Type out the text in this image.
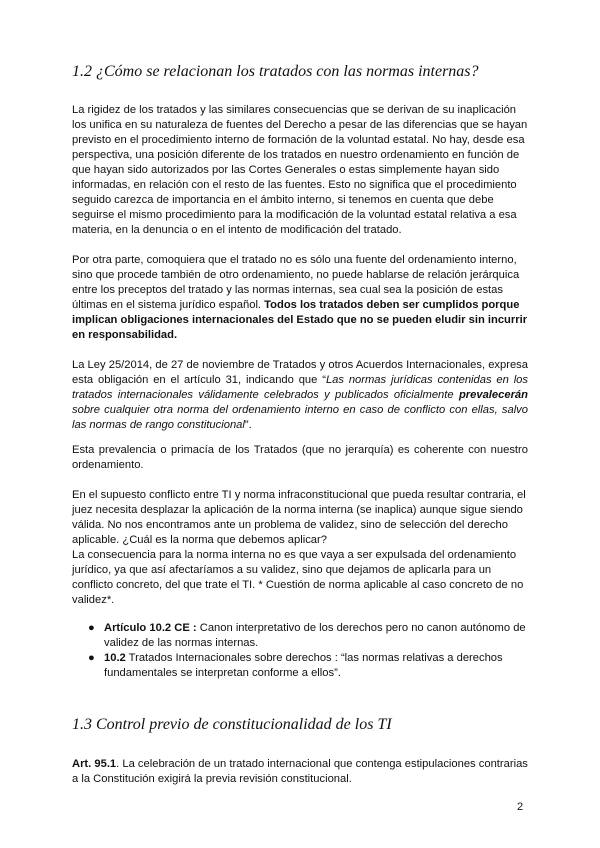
1.2 ¿Cómo se relacionan los tratados con las normas internas?

La rigidez de los tratados y las similares consecuencias que se derivan de su inaplicación los unifica en su naturaleza de fuentes del Derecho a pesar de las diferencias que se hayan previsto en el procedimiento interno de formación de la voluntad estatal. No hay, desde esa perspectiva, una posición diferente de los tratados en nuestro ordenamiento en función de que hayan sido autorizados por las Cortes Generales o estas simplemente hayan sido informadas, en relación con el resto de las fuentes. Esto no significa que el procedimiento seguido carezca de importancia en el ámbito interno, si tenemos en cuenta que debe seguirse el mismo procedimiento para la modificación de la voluntad estatal relativa a esa materia, en la denuncia o en el intento de modificación del tratado.

Por otra parte, comoquiera que el tratado no es sólo una fuente del ordenamiento interno, sino que procede también de otro ordenamiento, no puede hablarse de relación jerárquica entre los preceptos del tratado y las normas internas, sea cual sea la posición de estas últimas en el sistema jurídico español. Todos los tratados deben ser cumplidos porque implican obligaciones internacionales del Estado que no se pueden eludir sin incurrir en responsabilidad.

La Ley 25/2014, de 27 de noviembre de Tratados y otros Acuerdos Internacionales, expresa esta obligación en el artículo 31, indicando que “Las normas jurídicas contenidas en los tratados internacionales válidamente celebrados y publicados oficialmente prevalecerán sobre cualquier otra norma del ordenamiento interno en caso de conflicto con ellas, salvo las normas de rango constitucional”.

Esta prevalencia o primacía de los Tratados (que no jerarquía) es coherente con nuestro ordenamiento.

En el supuesto conflicto entre TI y norma infraconstitucional que pueda resultar contraria, el juez necesita desplazar la aplicación de la norma interna (se inaplica) aunque sigue siendo válida. No nos encontramos ante un problema de validez, sino de selección del derecho aplicable. ¿Cuál es la norma que debemos aplicar?

La consecuencia para la norma interna no es que vaya a ser expulsada del ordenamiento jurídico, ya que así afectaríamos a su validez, sino que dejamos de aplicarla para un conflicto concreto, del que trate el TI. * Cuestión de norma aplicable al caso concreto de no validez*.

● Artículo 10.2 CE : Canon interpretativo de los derechos pero no canon autónomo de validez de las normas internas.
● 10.2 Tratados Internacionales sobre derechos : “las normas relativas a derechos fundamentales se interpretan conforme a ellos”.
1.3 Control previo de constitucionalidad de los TI

Art. 95.1. La celebración de un tratado internacional que contenga estipulaciones contrarias a la Constitución exigirá la previa revisión constitucional.

2
